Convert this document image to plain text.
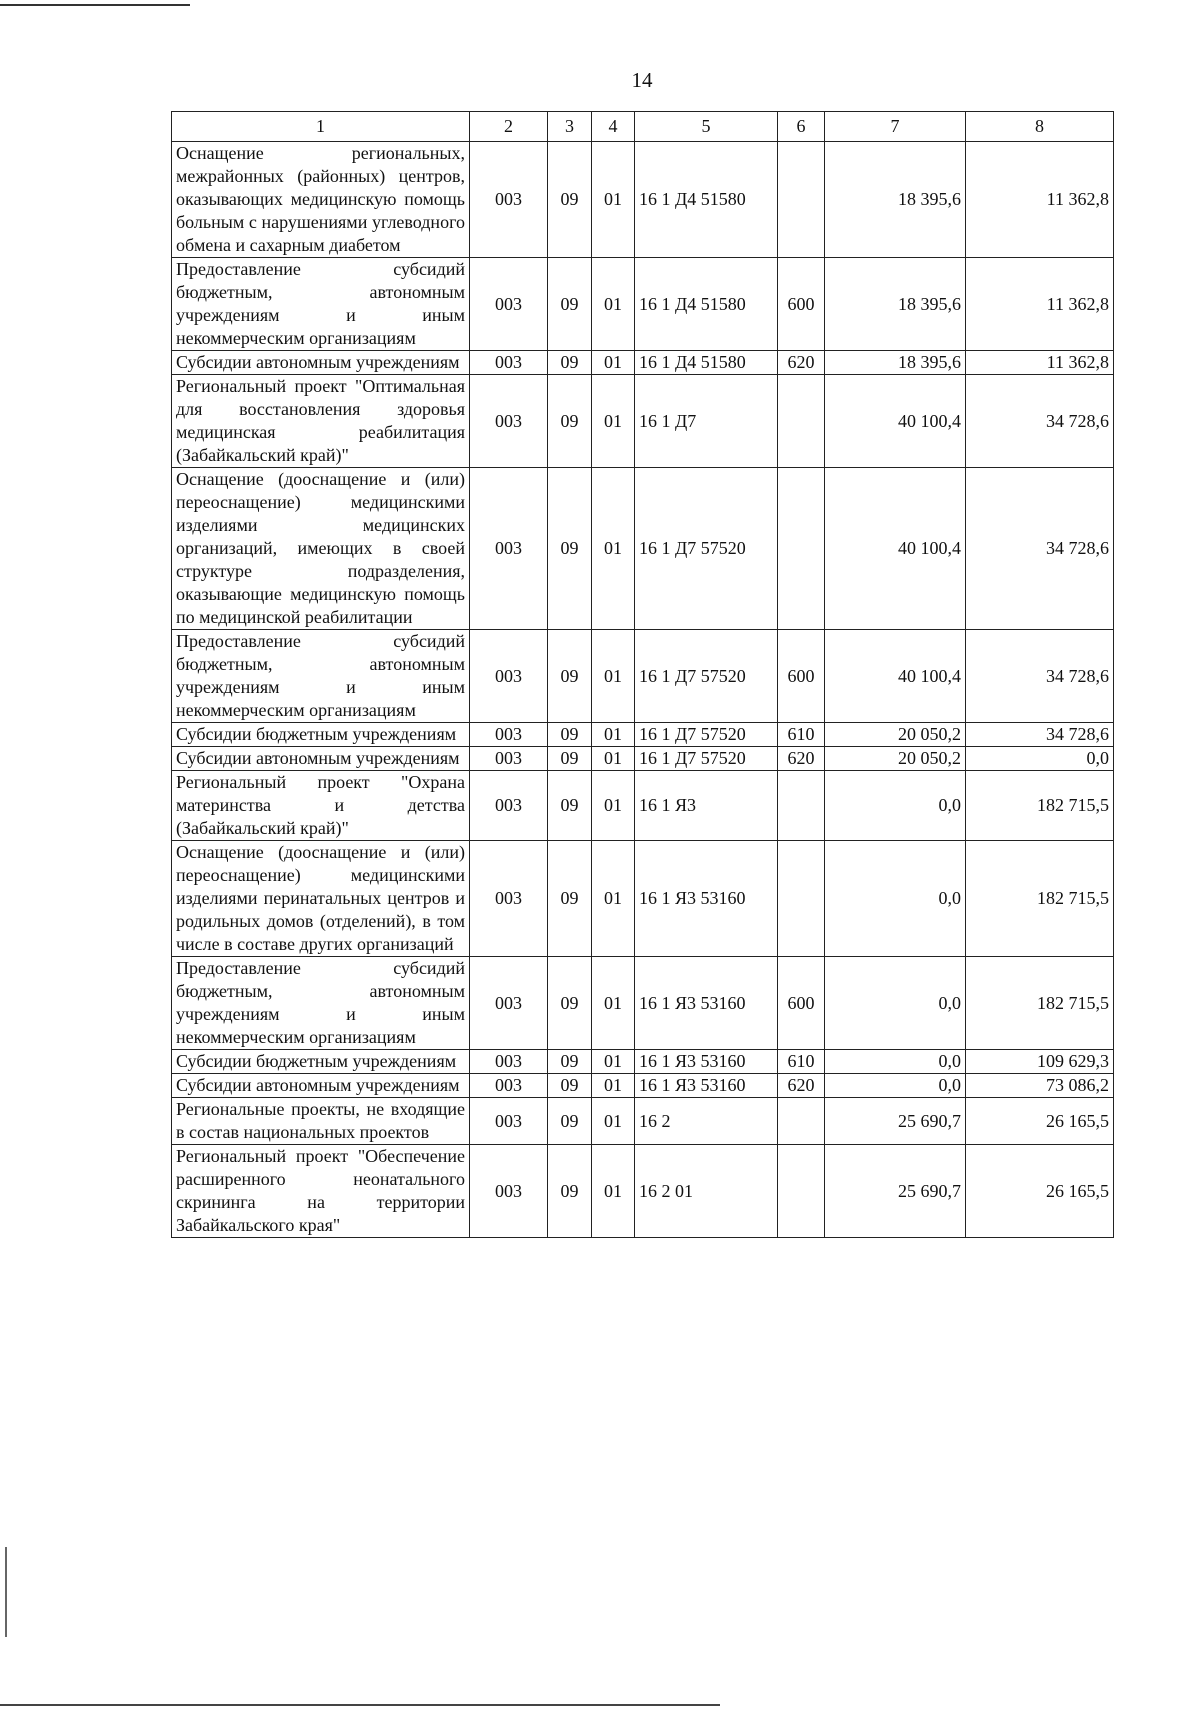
14
1	2	3	4	5	6	7	8
Оснащение региональных, межрайонных (районных) центров, оказывающих медицинскую помощь больным с нарушениями углеводного обмена и сахарным диабетом	003	09	01	16 1 Д4 51580		18 395,6	11 362,8
Предоставление субсидий бюджетным, автономным учреждениям и иным некоммерческим организациям	003	09	01	16 1 Д4 51580	600	18 395,6	11 362,8
Субсидии автономным учреждениям	003	09	01	16 1 Д4 51580	620	18 395,6	11 362,8
Региональный проект "Оптимальная для восстановления здоровья медицинская реабилитация (Забайкальский край)"	003	09	01	16 1 Д7		40 100,4	34 728,6
Оснащение (дооснащение и (или) переоснащение) медицинскими изделиями медицинских организаций, имеющих в своей структуре подразделения, оказывающие медицинскую помощь по медицинской реабилитации	003	09	01	16 1 Д7 57520		40 100,4	34 728,6
Предоставление субсидий бюджетным, автономным учреждениям и иным некоммерческим организациям	003	09	01	16 1 Д7 57520	600	40 100,4	34 728,6
Субсидии бюджетным учреждениям	003	09	01	16 1 Д7 57520	610	20 050,2	34 728,6
Субсидии автономным учреждениям	003	09	01	16 1 Д7 57520	620	20 050,2	0,0
Региональный проект "Охрана материнства и детства (Забайкальский край)"	003	09	01	16 1 Я3		0,0	182 715,5
Оснащение (дооснащение и (или) переоснащение) медицинскими изделиями перинатальных центров и родильных домов (отделений), в том числе в составе других организаций	003	09	01	16 1 Я3 53160		0,0	182 715,5
Предоставление субсидий бюджетным, автономным учреждениям и иным некоммерческим организациям	003	09	01	16 1 Я3 53160	600	0,0	182 715,5
Субсидии бюджетным учреждениям	003	09	01	16 1 Я3 53160	610	0,0	109 629,3
Субсидии автономным учреждениям	003	09	01	16 1 Я3 53160	620	0,0	73 086,2
Региональные проекты, не входящие в состав национальных проектов	003	09	01	16 2		25 690,7	26 165,5
Региональный проект "Обеспечение расширенного неонатального скрининга на территории Забайкальского края"	003	09	01	16 2 01		25 690,7	26 165,5
